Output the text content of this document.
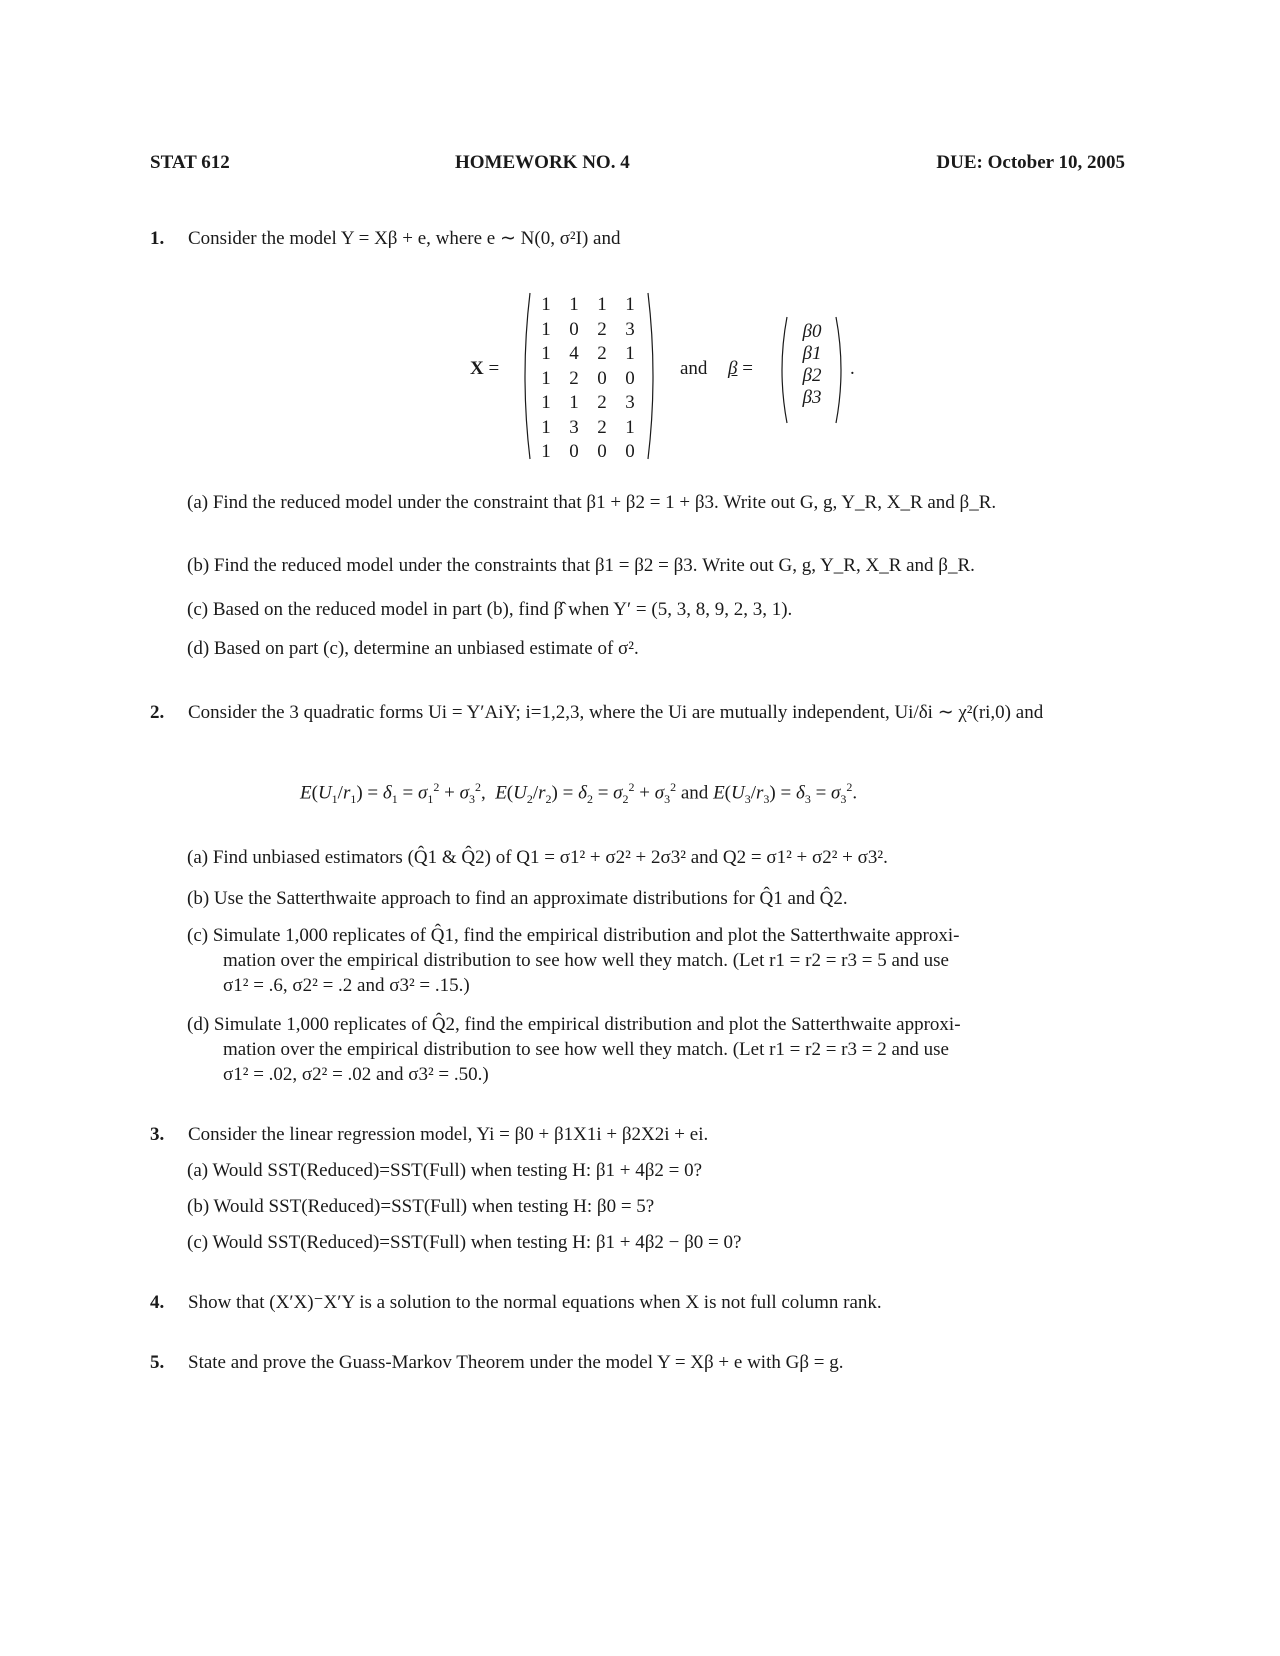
STAT 612	HOMEWORK NO. 4	DUE: October 10, 2005
1. Consider the model Y = Xβ + e, where e ∼ N(0, σ²I) and
X =
1	1	1	1
1	0	2	3
1	4	2	1
1	2	0	0
1	1	2	3
1	3	2	1
1	0	0	0
and β =
β0
β1
β2
β3
.
(a) Find the reduced model under the constraint that β1 + β2 = 1 + β3. Write out G, g, Y_R, X_R and β_R.
(b) Find the reduced model under the constraints that β1 = β2 = β3. Write out G, g, Y_R, X_R and β_R.
(c) Based on the reduced model in part (b), find β̂ when Y′ = (5, 3, 8, 9, 2, 3, 1).
(d) Based on part (c), determine an unbiased estimate of σ².
2. Consider the 3 quadratic forms Ui = Y′AiY; i=1,2,3, where the Ui are mutually independent, Ui/δi ∼ χ²(ri,0) and
$E(U_1/r_1) = \delta_1 = \sigma_1^2 + \sigma_3^2$,  $E(U_2/r_2) = \delta_2 = \sigma_2^2 + \sigma_3^2$ and $E(U_3/r_3) = \delta_3 = \sigma_3^2$.
(a) Find unbiased estimators (Q̂1 & Q̂2) of Q1 = σ1² + σ2² + 2σ3² and Q2 = σ1² + σ2² + σ3².
(b) Use the Satterthwaite approach to find an approximate distributions for Q̂1 and Q̂2.
(c) Simulate 1,000 replicates of Q̂1, find the empirical distribution and plot the Satterthwaite approxi-
mation over the empirical distribution to see how well they match. (Let r1 = r2 = r3 = 5 and use
σ1² = .6, σ2² = .2 and σ3² = .15.)
(d) Simulate 1,000 replicates of Q̂2, find the empirical distribution and plot the Satterthwaite approxi-
mation over the empirical distribution to see how well they match. (Let r1 = r2 = r3 = 2 and use
σ1² = .02, σ2² = .02 and σ3² = .50.)
3. Consider the linear regression model, Yi = β0 + β1X1i + β2X2i + ei.
(a) Would SST(Reduced)=SST(Full) when testing H: β1 + 4β2 = 0?
(b) Would SST(Reduced)=SST(Full) when testing H: β0 = 5?
(c) Would SST(Reduced)=SST(Full) when testing H: β1 + 4β2 − β0 = 0?
4. Show that (X′X)⁻X′Y is a solution to the normal equations when X is not full column rank.
5. State and prove the Guass-Markov Theorem under the model Y = Xβ + e with Gβ = g.
